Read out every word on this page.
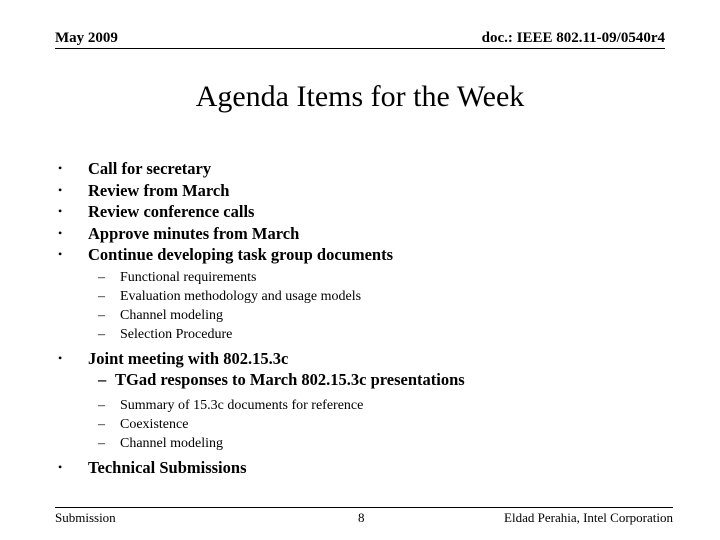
May 2009	doc.: IEEE 802.11-09/0540r4
Agenda Items for the Week
• Call for secretary
• Review from March
• Review conference calls
• Approve minutes from March
• Continue developing task group documents
– Functional requirements
– Evaluation methodology and usage models
– Channel modeling
– Selection Procedure
• Joint meeting with 802.15.3c
– TGad responses to March 802.15.3c presentations
– Summary of 15.3c documents for reference
– Coexistence
– Channel modeling
• Technical Submissions
Submission	8	Eldad Perahia, Intel Corporation
